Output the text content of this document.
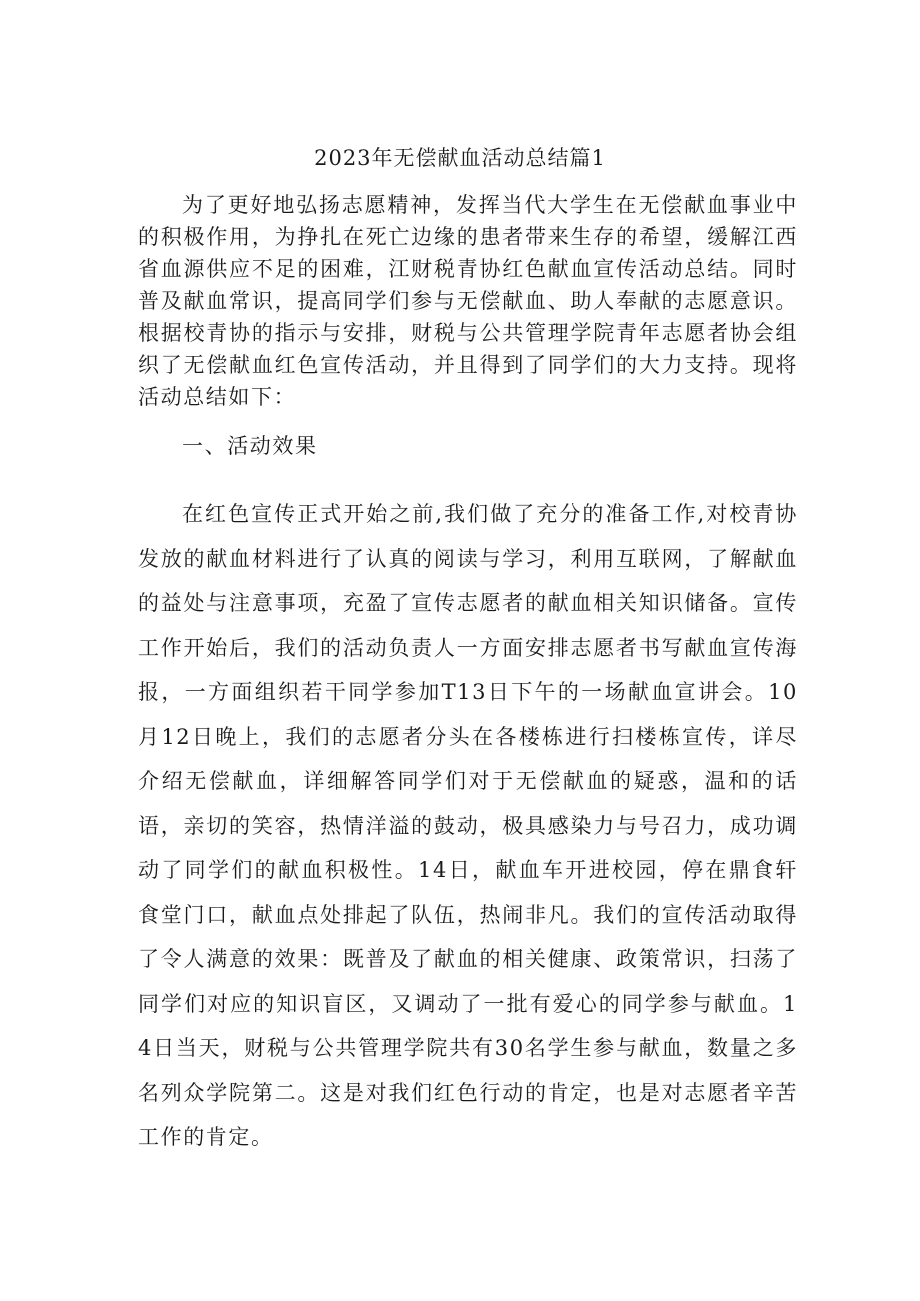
2023年无偿献血活动总结篇1

为了更好地弘扬志愿精神，发挥当代大学生在无偿献血事业中的积极作用，为挣扎在死亡边缘的患者带来生存的希望，缓解江西省血源供应不足的困难，江财税青协红色献血宣传活动总结。同时普及献血常识，提高同学们参与无偿献血、助人奉献的志愿意识。根据校青协的指示与安排，财税与公共管理学院青年志愿者协会组织了无偿献血红色宣传活动，并且得到了同学们的大力支持。现将活动总结如下：

一、活动效果

在红色宣传正式开始之前,我们做了充分的准备工作,对校青协发放的献血材料进行了认真的阅读与学习，利用互联网，了解献血的益处与注意事项，充盈了宣传志愿者的献血相关知识储备。宣传工作开始后，我们的活动负责人一方面安排志愿者书写献血宣传海报，一方面组织若干同学参加T13日下午的一场献血宣讲会。10月12日晚上，我们的志愿者分头在各楼栋进行扫楼栋宣传，详尽介绍无偿献血，详细解答同学们对于无偿献血的疑惑，温和的话语，亲切的笑容，热情洋溢的鼓动，极具感染力与号召力，成功调动了同学们的献血积极性。14日，献血车开进校园，停在鼎食轩食堂门口，献血点处排起了队伍，热闹非凡。我们的宣传活动取得了令人满意的效果：既普及了献血的相关健康、政策常识，扫荡了同学们对应的知识盲区，又调动了一批有爱心的同学参与献血。14日当天，财税与公共管理学院共有30名学生参与献血，数量之多名列众学院第二。这是对我们红色行动的肯定，也是对志愿者辛苦工作的肯定。
